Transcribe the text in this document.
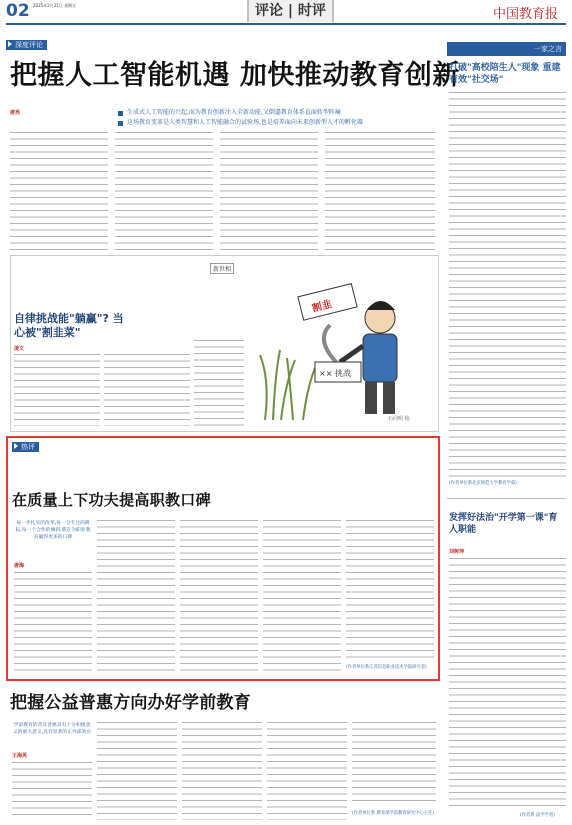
02 2025年2月21日 星期五	评论 | 时评	中国教育报
深度评论
把握人工智能机遇 加快推动教育创新
唐亮	生成式人工智能的兴起,而为教育创新注入全新动能,又倒逼教育体系直面转型阵痛
这场教育变革是人类智慧和人工智能融合的试验场,也是培养面向未来创新型人才的孵化器
一家之言
打破"高校陪生人"现象 重建有效"社交场"
(作者单位系北京师范大学教育学部)
发挥好法治"开学第一课"育人职能
刘树坤
(作者系 法学学者)
新世相
自律挑战能"躺赢"? 当心被"割韭菜"
凌文
割韭
×× 挑战
石向明 绘
热评
在质量上下功夫提高职教口碑
每一步扎实的改革,每一分专注的耕耘,每一个合作的倾斜,都在为职业教育赢得更多的口碑
唐海
(作者单位系江苏信息职业技术学院研究者)
把握公益普惠方向办好学前教育
学前教育的普及普惠具有十分积极意义的重大意义,具有显著的正外部效应
王海英
(作者单位系 教育部学前教育研究中心主任)
